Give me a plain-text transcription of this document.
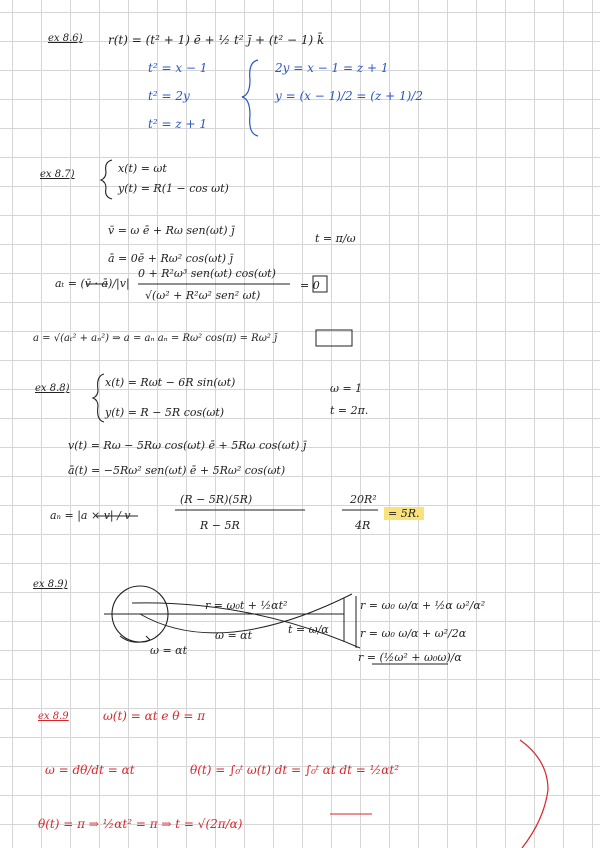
ex 8.6) r(t) = (t² + 1) ē + ½ t² ȷ̄ + (t² − 1) k̄
t² = x − 1
t² = 2y
t² = z + 1
2y = x − 1 = z + 1
y = (x − 1)/2 = (z + 1)/2
ex 8.7)	x(t) = ωt
y(t) = R(1 − cos ωt)
v̄ = ω ē + Rω sen(ωt) ȷ̄
t = π/ω
ā = 0ē + Rω² cos(ωt) ȷ̄
aₜ = (v̄ · ā)/|v|
0 + R²ω³ sen(ωt) cos(ωt)
√(ω² + R²ω² sen² ωt)
= 0
a = √(aₜ² + aₙ²) ⇒ a = aₙ aₙ = Rω² cos(π) = Rω² ȷ̄
ex 8.8)	x(t) = Rωt − 6R sin(ωt)
y(t) = R − 5R cos(ωt)
ω = 1
t = 2π.
v(t) = Rω − 5Rω cos(ωt) ē + 5Rω cos(ωt) ȷ̄
ā(t) = −5Rω² sen(ωt) ē + 5Rω² cos(ωt)
aₙ = |a × v| / v
(R − 5R)(5R)
R − 5R
20R²
4R
= 5R.
ex 8.9)
r = ω₀t + ½αt²
ω = αt	t = ω/α
ω = αt
r = ω₀ ω/α + ½α ω²/α²
r = ω₀ ω/α + ω²/2α
r = (½ω² + ω₀ω)/α
ex 8.9	ω(t) = αt e θ = π
ω = dθ/dt = αt	θ(t) = ∫₀ᵗ ω(t) dt = ∫₀ᵗ αt dt = ½αt²
θ(t) = π ⇒ ½αt² = π ⇒ t = √(2π/α)
